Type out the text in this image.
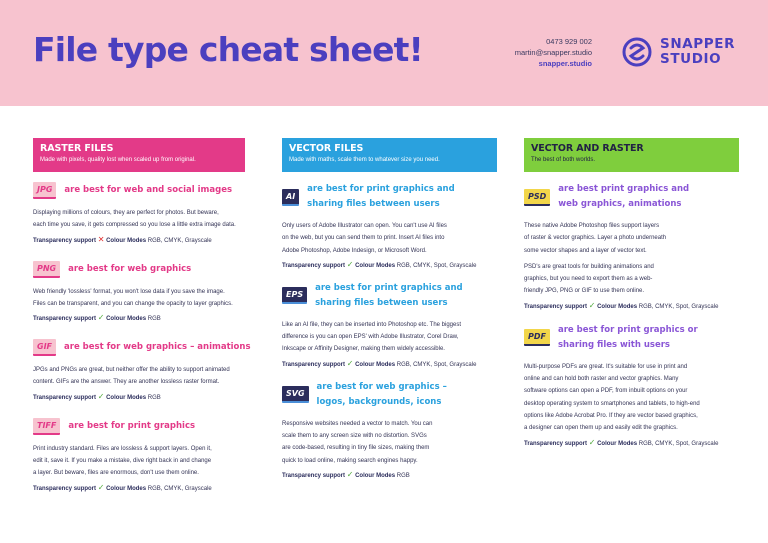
File type cheat sheet!	0473 929 002
martin@snapper.studio
snapper.studio
SNAPPER
STUDIO
RASTER FILES

Made with pixels, quality lost when scaled up from original.

VECTOR FILES

Made with maths, scale them to whatever size you need.

VECTOR AND RASTER

The best of both worlds.

JPG	are best for web and social images
Displaying millions of colours, they are perfect for photos. But beware,
each time you save, it gets compressed so you lose a little extra image data.
Transparency support ✕ Colour Modes RGB, CMYK, Grayscale
PNG	are best for web graphics
Web friendly 'lossless' format, you won't lose data if you save the image.
Files can be transparent, and you can change the opacity to layer graphics.
Transparency support ✓ Colour Modes RGB
GIF	are best for web graphics – animations
JPGs and PNGs are great, but neither offer the ability to support animated
content. GIFs are the answer. They are another lossless raster format.
Transparency support ✓ Colour Modes RGB
TIFF	are best for print graphics
Print industry standard. Files are lossless & support layers. Open it,
edit it, save it. If you make a mistake, dive right back in and change
a layer. But beware, files are enormous, don't use them online.
Transparency support ✓ Colour Modes RGB, CMYK, Grayscale
AI
are best for print graphics and
sharing files between users
Only users of Adobe Illustrator can open. You can't use AI files
on the web, but you can send them to print. Insert AI files into
Adobe Photoshop, Adobe Indesign, or Microsoft Word.
Transparency support ✓ Colour Modes RGB, CMYK, Spot, Grayscale
EPS
are best for print graphics and
sharing files between users
Like an AI file, they can be inserted into Photoshop etc. The biggest
difference is you can open EPS' with Adobe Illustrator, Corel Draw,
Inkscape or Affinity Designer, making them widely accessible.
Transparency support ✓ Colour Modes RGB, CMYK, Spot, Grayscale
SVG
are best for web graphics –
logos, backgrounds, icons
Responsive websites needed a vector to match. You can
scale them to any screen size with no distortion. SVGs
are code-based, resulting in tiny file sizes, making them
quick to load online, making search engines happy.
Transparency support ✓ Colour Modes RGB
PSD
are best print graphics and
web graphics, animations
These native Adobe Photoshop files support layers
of raster & vector graphics. Layer a photo underneath
some vector shapes and a layer of vector text.
PSD's are great tools for building animations and
graphics, but you need to export them as a web-
friendly JPG, PNG or GIF to use them online.
Transparency support ✓ Colour Modes RGB, CMYK, Spot, Grayscale
PDF
are best for print graphics or
sharing files with users
Multi-purpose PDFs are great. It's suitable for use in print and
online and can hold both raster and vector graphics. Many
software options can open a PDF, from inbuilt options on your
desktop operating system to smartphones and tablets, to high-end
options like Adobe Acrobat Pro. If they are vector based graphics,
a designer can open them up and easily edit the graphics.
Transparency support ✓ Colour Modes RGB, CMYK, Spot, Grayscale
